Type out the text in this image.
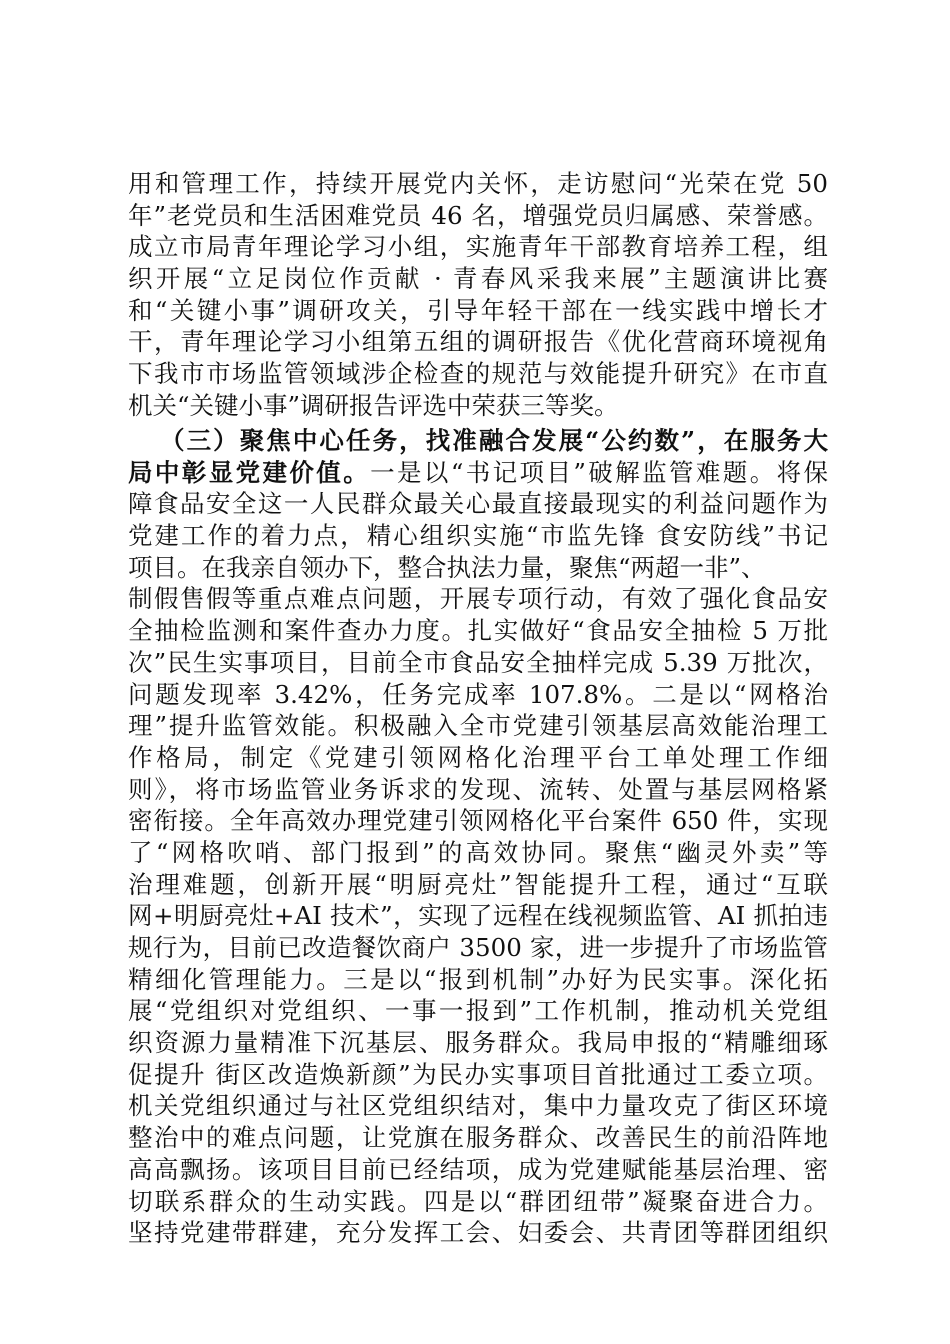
用和管理工作，持续开展党内关怀，走访慰问“光荣在党 50
年”老党员和生活困难党员 46 名，增强党员归属感、荣誉感。
成立市局青年理论学习小组，实施青年干部教育培养工程，组
织开展“立足岗位作贡献 · 青春风采我来展”主题演讲比赛
和“关键小事”调研攻关，引导年轻干部在一线实践中增长才
干，青年理论学习小组第五组的调研报告《优化营商环境视角
下我市市场监管领域涉企检查的规范与效能提升研究》在市直
机关“关键小事”调研报告评选中荣获三等奖。
（三）聚焦中心任务，找准融合发展“公约数”，在服务大
局中彰显党建价值。一是以“书记项目”破解监管难题。将保
障食品安全这一人民群众最关心最直接最现实的利益问题作为
党建工作的着力点，精心组织实施“市监先锋 食安防线”书记
项目。在我亲自领办下，整合执法力量，聚焦“两超一非”、
制假售假等重点难点问题，开展专项行动，有效了强化食品安
全抽检监测和案件查办力度。扎实做好“食品安全抽检 5 万批
次”民生实事项目，目前全市食品安全抽样完成 5.39 万批次，
问题发现率 3.42%，任务完成率 107.8%。二是以“网格治
理”提升监管效能。积极融入全市党建引领基层高效能治理工
作格局，制定《党建引领网格化治理平台工单处理工作细
则》，将市场监管业务诉求的发现、流转、处置与基层网格紧
密衔接。全年高效办理党建引领网格化平台案件 650 件，实现
了“网格吹哨、部门报到”的高效协同。聚焦“幽灵外卖”等
治理难题，创新开展“明厨亮灶”智能提升工程，通过“互联
网+明厨亮灶+AI 技术”，实现了远程在线视频监管、AI 抓拍违
规行为，目前已改造餐饮商户 3500 家，进一步提升了市场监管
精细化管理能力。三是以“报到机制”办好为民实事。深化拓
展“党组织对党组织、一事一报到”工作机制，推动机关党组
织资源力量精准下沉基层、服务群众。我局申报的“精雕细琢
促提升 街区改造焕新颜”为民办实事项目首批通过工委立项。
机关党组织通过与社区党组织结对，集中力量攻克了街区环境
整治中的难点问题，让党旗在服务群众、改善民生的前沿阵地
高高飘扬。该项目目前已经结项，成为党建赋能基层治理、密
切联系群众的生动实践。四是以“群团纽带”凝聚奋进合力。
坚持党建带群建，充分发挥工会、妇委会、共青团等群团组织
